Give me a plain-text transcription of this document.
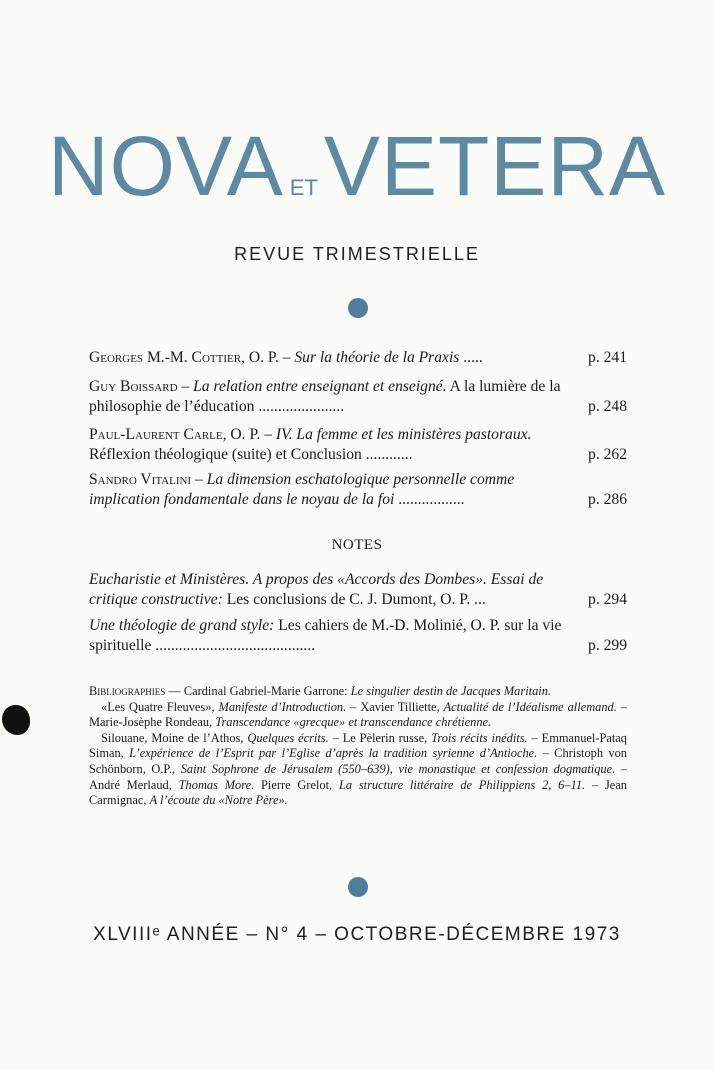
NOVA ETVETERA
REVUE TRIMESTRIELLE
Georges M.-M. Cottier, O. P. – Sur la théorie de la Praxis .....	p. 241
Guy Boissard – La relation entre enseignant et enseigné. A la lumière de la philosophie de l’éducation ......................	p. 248
Paul-Laurent Carle, O. P. – IV. La femme et les ministères pastoraux. Réflexion théologique (suite) et Conclusion ............	p. 262
Sandro Vitalini – La dimension eschatologique personnelle comme implication fondamentale dans le noyau de la foi .................	p. 286
NOTES
Eucharistie et Ministères. A propos des «Accords des Dombes». Essai de critique constructive: Les conclusions de C. J. Dumont, O. P. ...	p. 294
Une théologie de grand style: Les cahiers de M.-D. Molinié, O. P. sur la vie spirituelle .........................................	p. 299

Bibliographies — Cardinal Gabriel-Marie Garrone: Le singulier destin de Jacques Maritain.

«Les Quatre Fleuves», Manifeste d’Introduction. – Xavier Tilliette, Actualité de l’Idéalisme allemand. – Marie-Josèphe Rondeau, Transcendance «grecque» et transcendance chrétienne.

Silouane, Moine de l’Athos, Quelques écrits. – Le Pèlerin russe, Trois récits inédits. – Emmanuel-Pataq Siman, L’expérience de l’Esprit par l’Eglise d’après la tradition syrienne d’Antioche. – Christoph von Schönborn, O.P., Saint Sophrone de Jérusalem (550–639), vie monastique et confession dogmatique. – André Merlaud, Thomas More. Pierre Grelot, La structure littéraire de Philippiens 2, 6–11. – Jean Carmignac, A l’écoute du «Notre Père».

XLVIIIᵉ ANNÉE – N° 4 – OCTOBRE-DÉCEMBRE 1973
